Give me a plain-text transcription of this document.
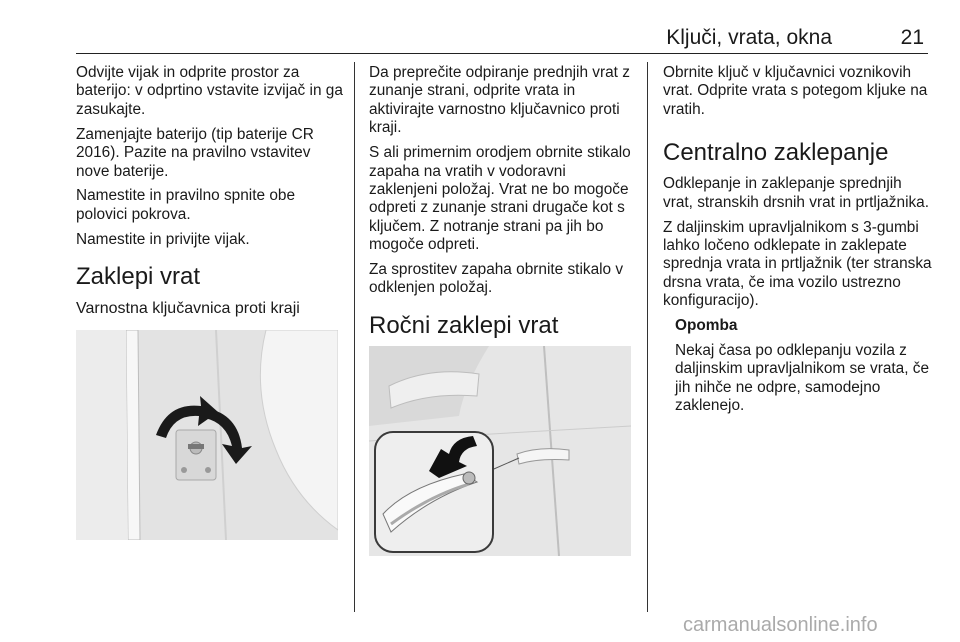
Ključi, vrata, okna	21

Odvijte vijak in odprite prostor za baterijo: v odprtino vstavite izvijač in ga zasukajte.

Zamenjajte baterijo (tip baterije CR 2016). Pazite na pravilno vstavitev nove baterije.

Namestite in pravilno spnite obe polovici pokrova.

Namestite in privijte vijak.

Zaklepi vrat
Varnostna ključavnica proti kraji

Da preprečite odpiranje prednjih vrat z zunanje strani, odprite vrata in aktivirajte varnostno ključavnico proti kraji.

S ali primernim orodjem obrnite stikalo zapaha na vratih v vodoravni zaklenjeni položaj. Vrat ne bo mogoče odpreti z zunanje strani drugače kot s ključem. Z notranje strani pa jih bo mogoče odpreti.

Za sprostitev zapaha obrnite stikalo v odklenjen položaj.

Ročni zaklepi vrat

Obrnite ključ v ključavnici voznikovih vrat. Odprite vrata s potegom kljuke na vratih.

Centralno zaklepanje

Odklepanje in zaklepanje sprednjih vrat, stranskih drsnih vrat in prtljažnika.

Z daljinskim upravljalnikom s 3-gumbi lahko ločeno odklepate in zaklepate sprednja vrata in prtljažnik (ter stranska drsna vrata, če ima vozilo ustrezno konfiguracijo).

Opomba

Nekaj časa po odklepanju vozila z daljinskim upravljalnikom se vrata, če jih nihče ne odpre, samodejno zaklenejo.

carmanualsonline.info
